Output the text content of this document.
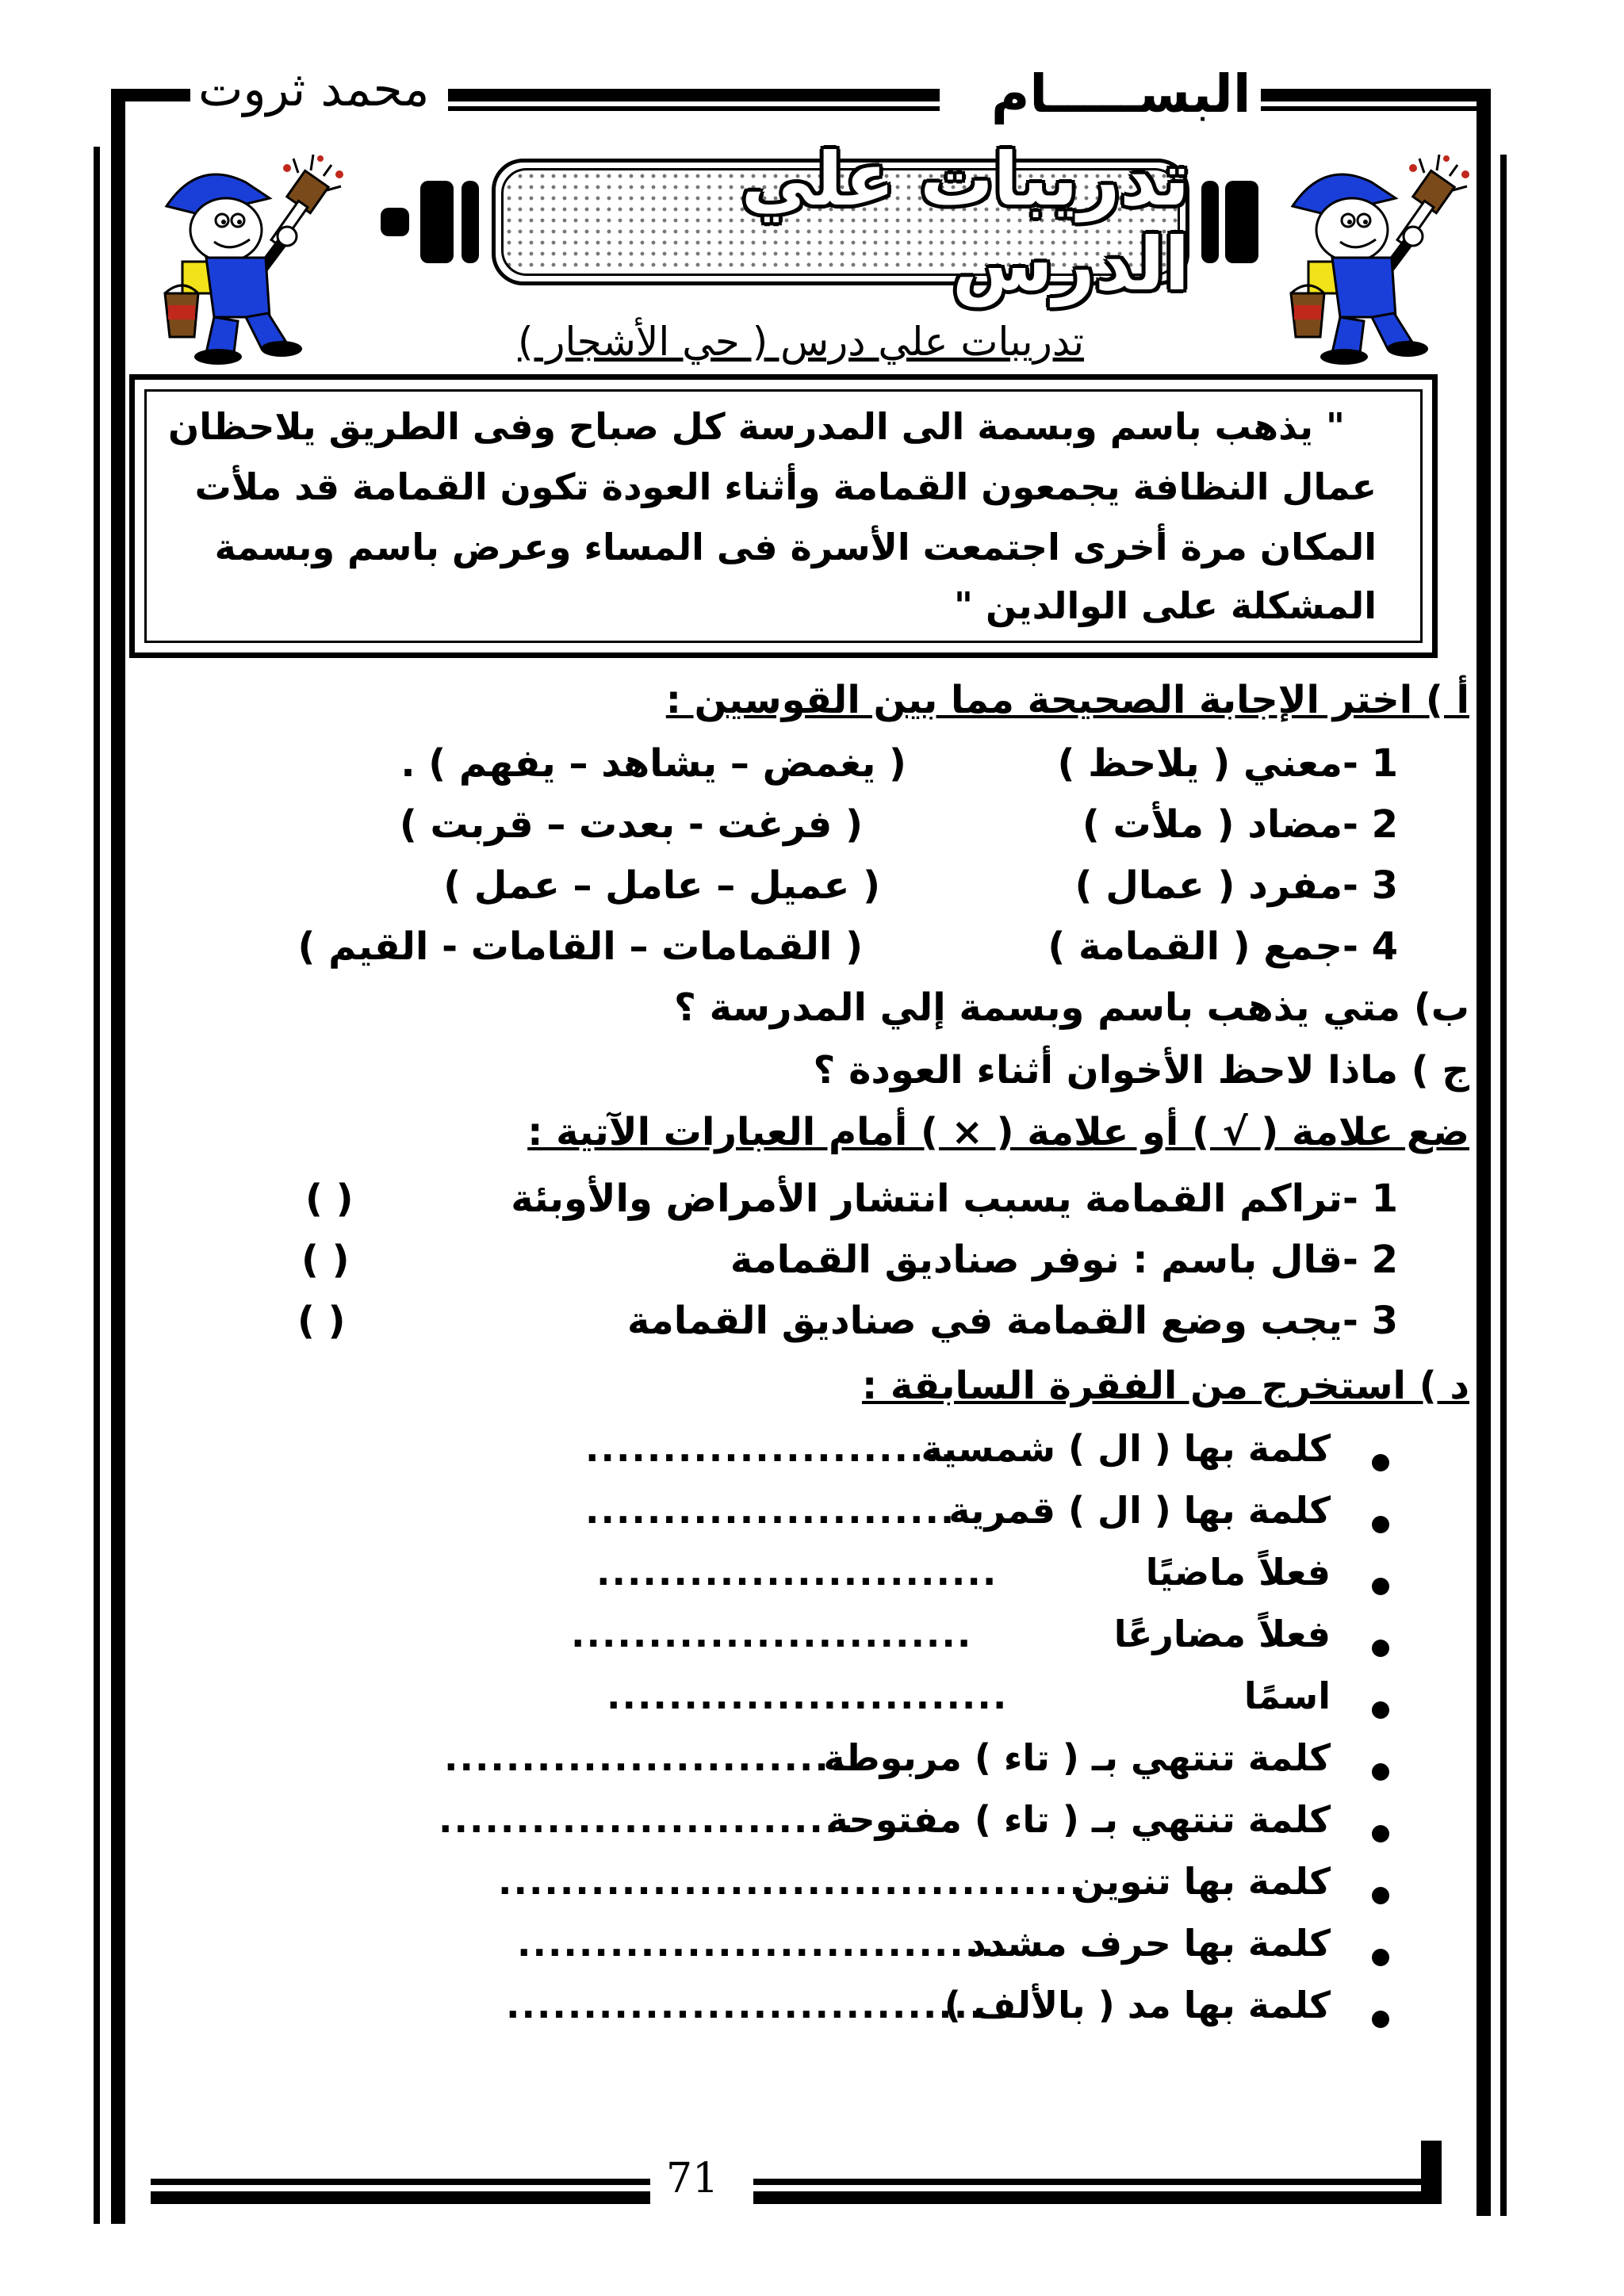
محمد ثروت	البســـــام
71
تدريبات علي الدرس
تدريبات علي درس ( حي الأشجار )
" يذهب باسم وبسمة الى المدرسة كل صباح وفى الطريق يلاحظان
عمال النظافة يجمعون القمامة وأثناء العودة تكون القمامة قد ملأت
المكان مرة أخرى اجتمعت الأسرة فى المساء وعرض باسم وبسمة
المشكلة على الوالدين "
أ ) اختر الإجابة الصحيحة مما بين القوسين :
1 -معني ( يلاحظ )
( يغمض – يشاهد – يفهم ) .
2 -مضاد ( ملأت )
( فرغت - بعدت – قربت )
3 -مفرد ( عمال )
( عميل – عامل – عمل )
4 -جمع ( القمامة )
( القمامات – القامات - القيم )
ب) متي يذهب باسم وبسمة إلي المدرسة ؟
ج ) ماذا لاحظ الأخوان أثناء العودة ؟
ضع علامة ( √ ) أو علامة ( × ) أمام العبارات الآتية :
1 -تراكم القمامة يسبب انتشار الأمراض والأوبئة
( )
2 -قال باسم : نوفر صناديق القمامة
( )
3 -يجب وضع القمامة في صناديق القمامة
( )
د ) استخرج من الفقرة السابقة :
كلمة بها ( ال ) شمسية
........................
كلمة بها ( ال ) قمرية
........................
فعلاً ماضيًا
..........................
فعلاً مضارعًا
..........................
اسمًا
..........................
كلمة تنتهي بـ ( تاء ) مربوطة
..........................
كلمة تنتهي بـ ( تاء ) مفتوحة
...........................
كلمة بها تنوين
......................................
كلمة بها حرف مشدد
................................
كلمة بها مد ( بالألف )
...............................
